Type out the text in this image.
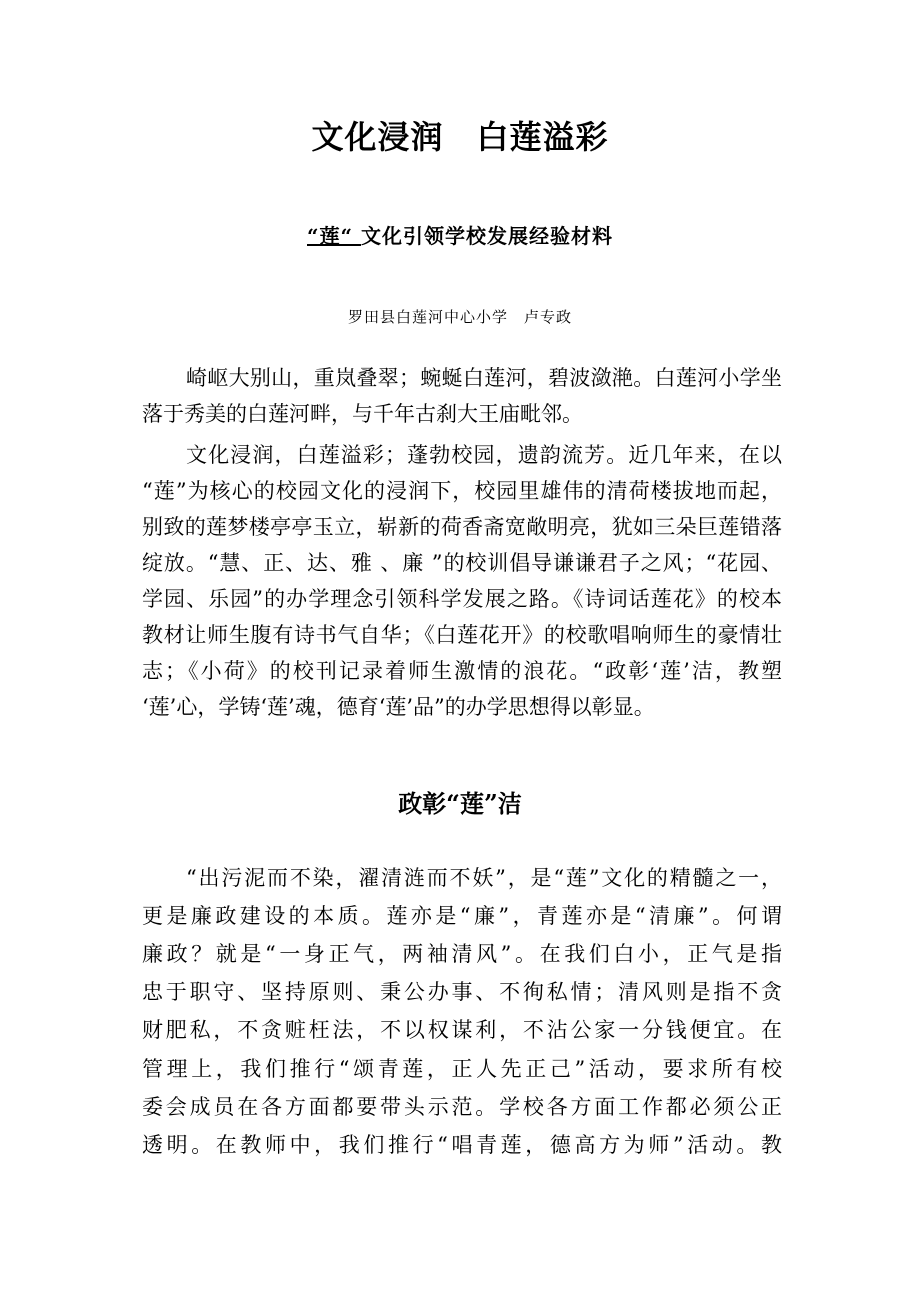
文化浸润　白莲溢彩
“莲“ 文化引领学校发展经验材料
罗田县白莲河中心小学　卢专政
崎岖大别山，重岚叠翠；蜿蜒白莲河，碧波潋滟。白莲河小学坐
落于秀美的白莲河畔，与千年古刹大王庙毗邻。
文化浸润，白莲溢彩；蓬勃校园，遗韵流芳。近几年来，在以
“莲”为核心的校园文化的浸润下，校园里雄伟的清荷楼拔地而起，
别致的莲梦楼亭亭玉立，崭新的荷香斋宽敞明亮，犹如三朵巨莲错落
绽放。“慧、正、达、雅 、廉 ”的校训倡导谦谦君子之风；“花园、
学园、乐园”的办学理念引领科学发展之路。《诗词话莲花》的校本
教材让师生腹有诗书气自华；《白莲花开》的校歌唱响师生的豪情壮
志；《小荷》的校刊记录着师生激情的浪花。“政彰‘莲’洁，教塑
‘莲’心，学铸‘莲’魂，德育‘莲’品”的办学思想得以彰显。
政彰“莲”洁
“出污泥而不染，濯清涟而不妖”，是“莲”文化的精髓之一，
更是廉政建设的本质。莲亦是“廉”，青莲亦是“清廉”。何谓
廉政？就是“一身正气，两袖清风”。在我们白小，正气是指
忠于职守、坚持原则、秉公办事、不徇私情；清风则是指不贪
财肥私，不贪赃枉法，不以权谋利，不沾公家一分钱便宜。在
管理上，我们推行“颂青莲，正人先正己”活动，要求所有校
委会成员在各方面都要带头示范。学校各方面工作都必须公正
透明。在教师中，我们推行“唱青莲，德高方为师”活动。教
